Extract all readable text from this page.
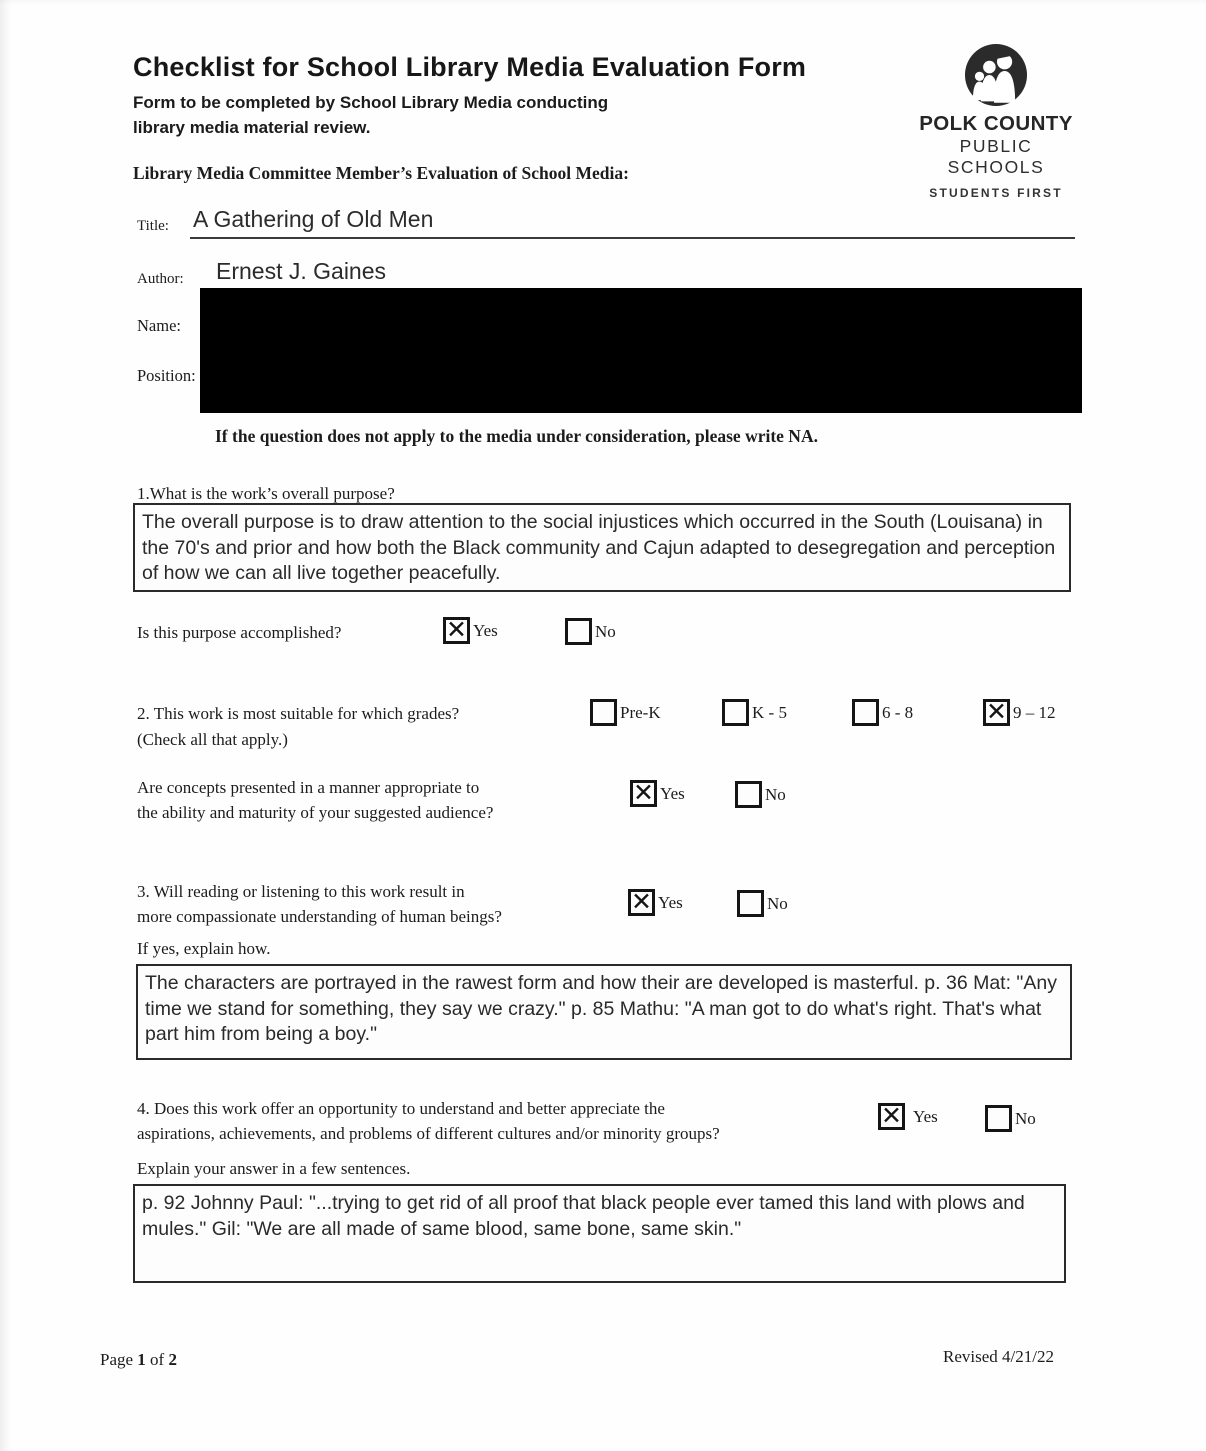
Checklist for School Library Media Evaluation Form
Form to be completed by School Library Media conducting
library media material review.	POLK COUNTY
PUBLIC SCHOOLS
STUDENTS FIRST
Library Media Committee Member’s Evaluation of School Media:
Title: A Gathering of Old Men
Author: Ernest J. Gaines
Name:
Position:
If the question does not apply to the media under consideration, please write NA.
1.What is the work’s overall purpose?
The overall purpose is to draw attention to the social injustices which occurred in the South (Louisana) in the 70's and prior and how both the Black community and Cajun adapted to desegregation and perception of how we can all live together peacefully.
Is this purpose accomplished?	✕ Yes	No
2. This work is most suitable for which grades?
(Check all that apply.)
Pre-K	K - 5	6 - 8	✕ 9 – 12
Are concepts presented in a manner appropriate to
the ability and maturity of your suggested audience?
✕ Yes	No
3. Will reading or listening to this work result in
more compassionate understanding of human beings?
✕ Yes	No
If yes, explain how.
The characters are portrayed in the rawest form and how their are developed is masterful. p. 36 Mat: "Any time we stand for something, they say we crazy." p. 85 Mathu: "A man got to do what's right. That's what part him from being a boy."
4. Does this work offer an opportunity to understand and better appreciate the
aspirations, achievements, and problems of different cultures and/or minority groups?
✕ Yes	No
Explain your answer in a few sentences.
p. 92 Johnny Paul: "...trying to get rid of all proof that black people ever tamed this land with plows and mules." Gil: "We are all made of same blood, same bone, same skin."
Page 1 of 2	Revised 4/21/22
